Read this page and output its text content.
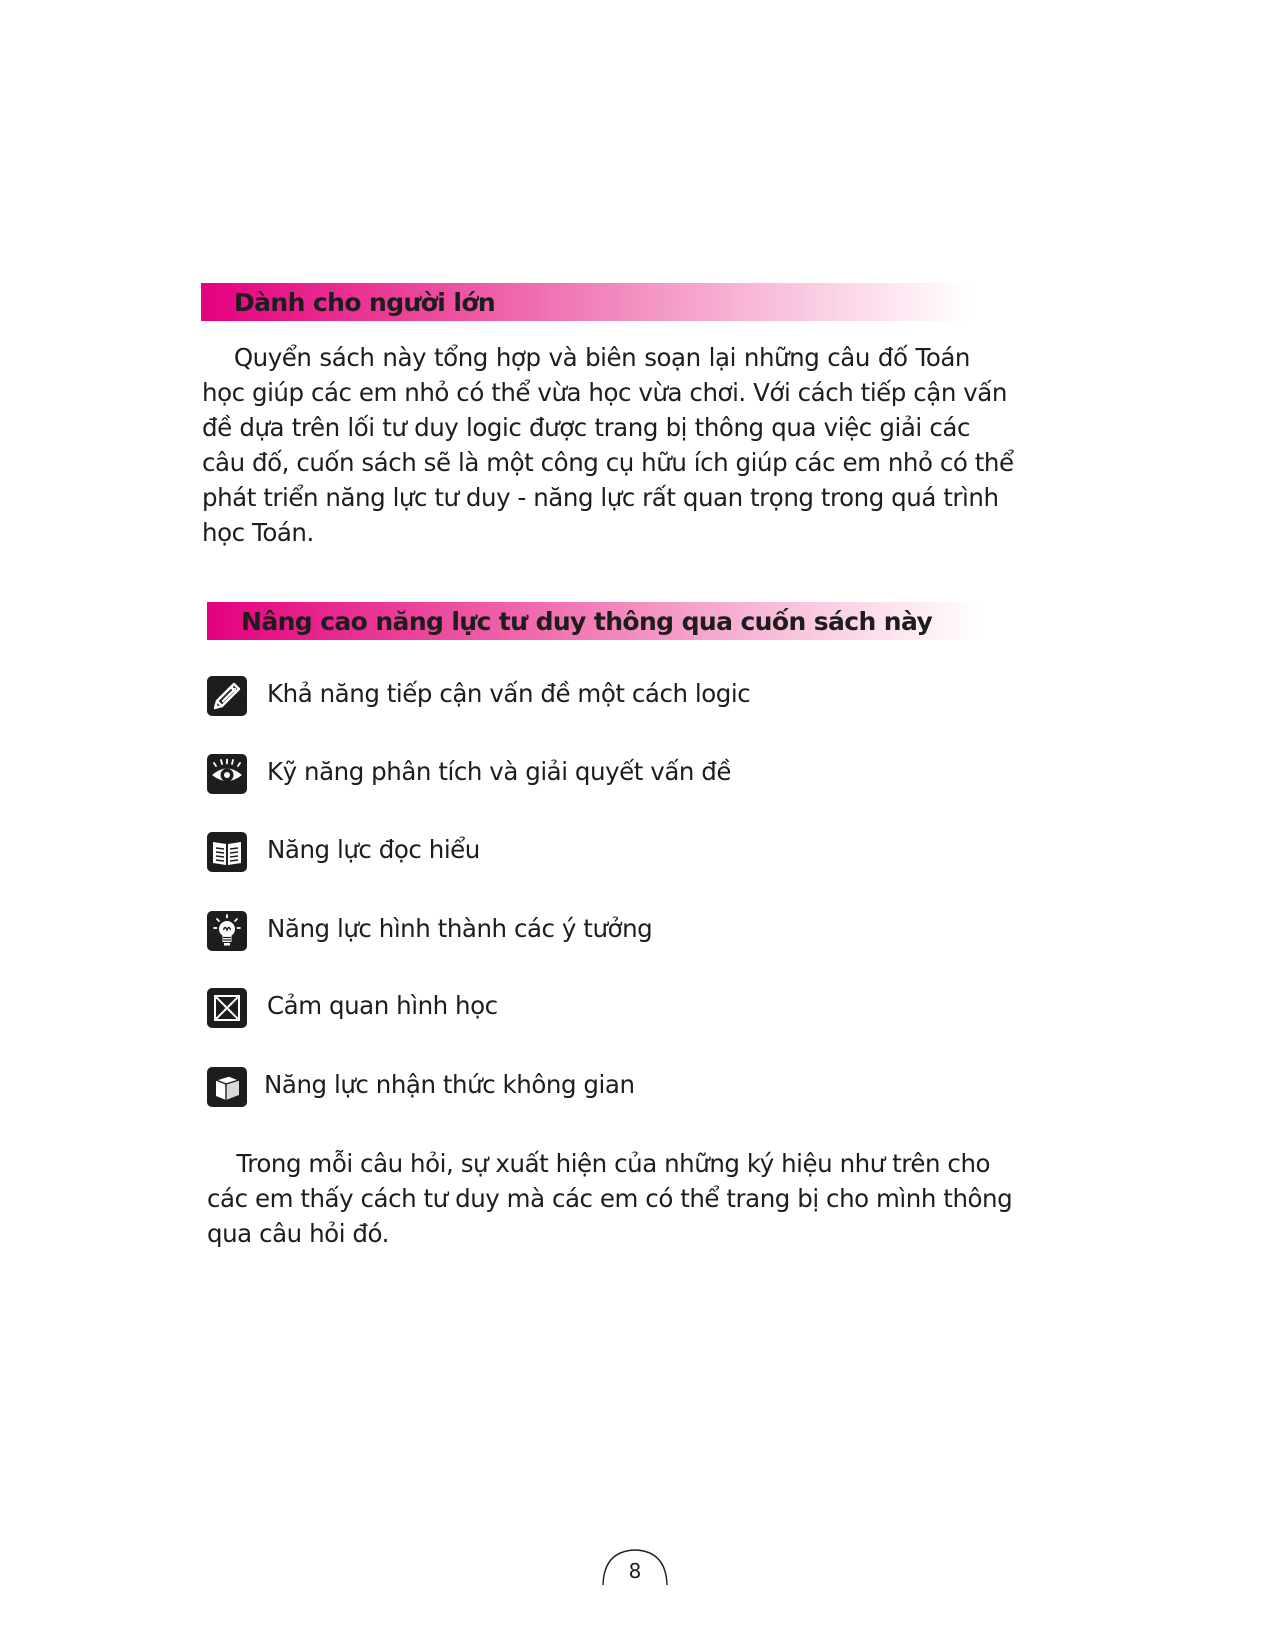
Dành cho người lớn
Quyển sách này tổng hợp và biên soạn lại những câu đố Toán
học giúp các em nhỏ có thể vừa học vừa chơi. Với cách tiếp cận vấn
đề dựa trên lối tư duy logic được trang bị thông qua việc giải các
câu đố, cuốn sách sẽ là một công cụ hữu ích giúp các em nhỏ có thể
phát triển năng lực tư duy - năng lực rất quan trọng trong quá trình
học Toán.
Nâng cao năng lực tư duy thông qua cuốn sách này
Khả năng tiếp cận vấn đề một cách logic
Kỹ năng phân tích và giải quyết vấn đề
Năng lực đọc hiểu
Năng lực hình thành các ý tưởng
Cảm quan hình học
Năng lực nhận thức không gian
Trong mỗi câu hỏi, sự xuất hiện của những ký hiệu như trên cho
các em thấy cách tư duy mà các em có thể trang bị cho mình thông
qua câu hỏi đó.
8
